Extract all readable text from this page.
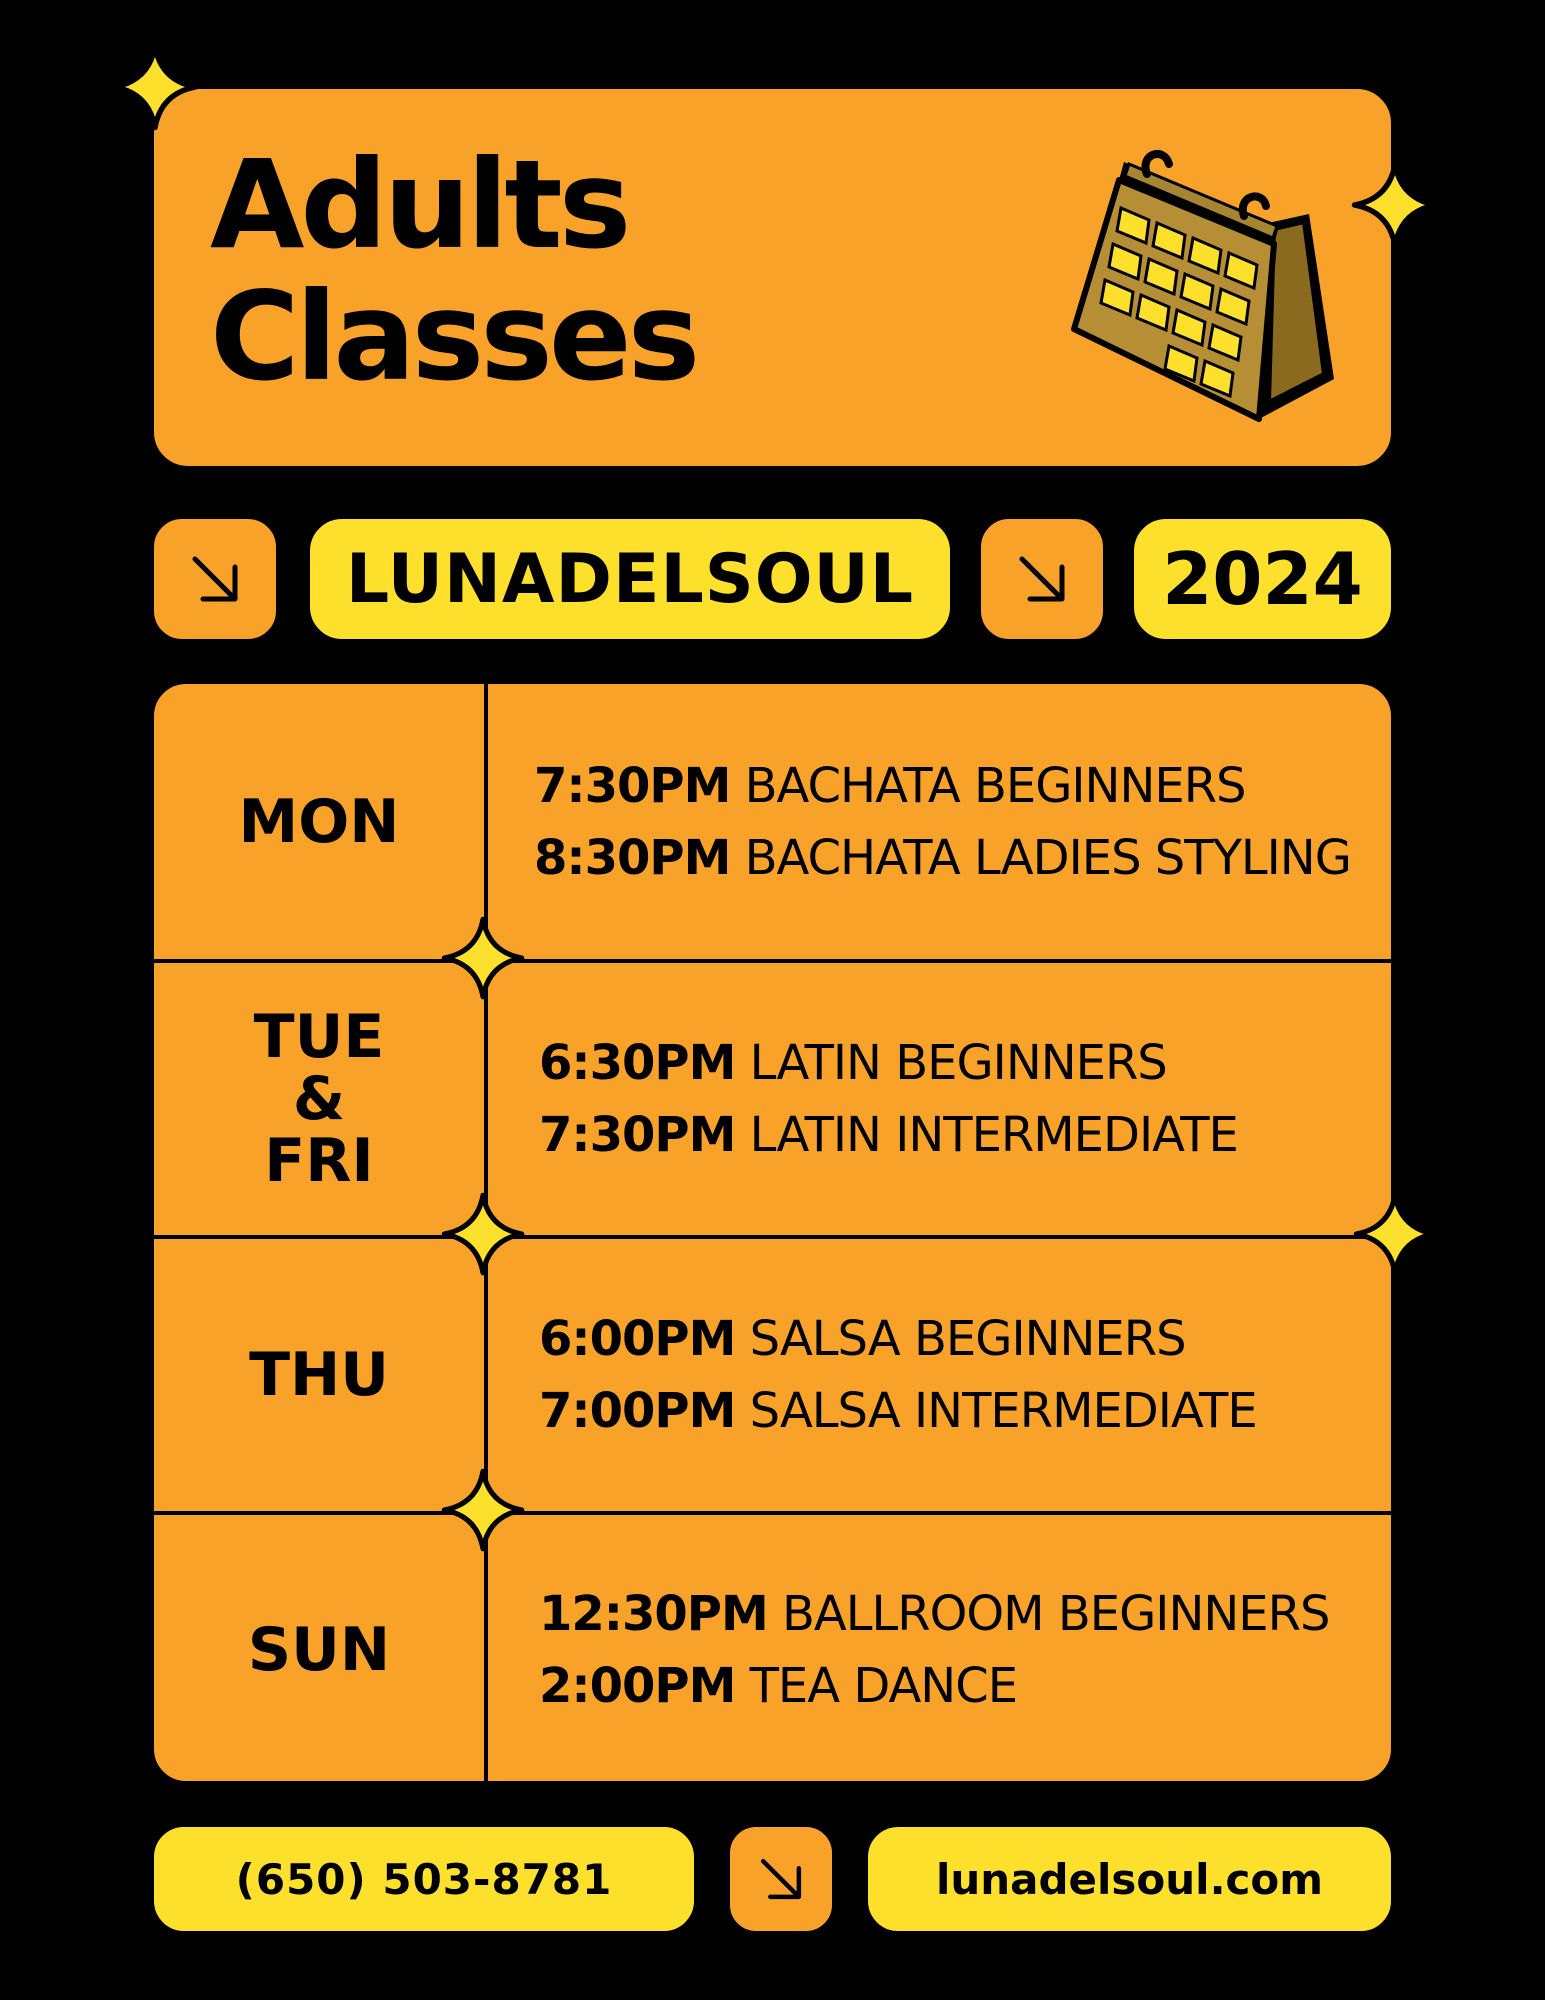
Adults
Classes
LUNADELSOUL	2024
MON
7:30PM BACHATA BEGINNERS
8:30PM BACHATA LADIES STYLING
TUE
&
FRI
6:30PM LATIN BEGINNERS
7:30PM LATIN INTERMEDIATE
THU
6:00PM SALSA BEGINNERS
7:00PM SALSA INTERMEDIATE
SUN
12:30PM BALLROOM BEGINNERS
2:00PM TEA DANCE
(650) 503-8781	lunadelsoul.com
